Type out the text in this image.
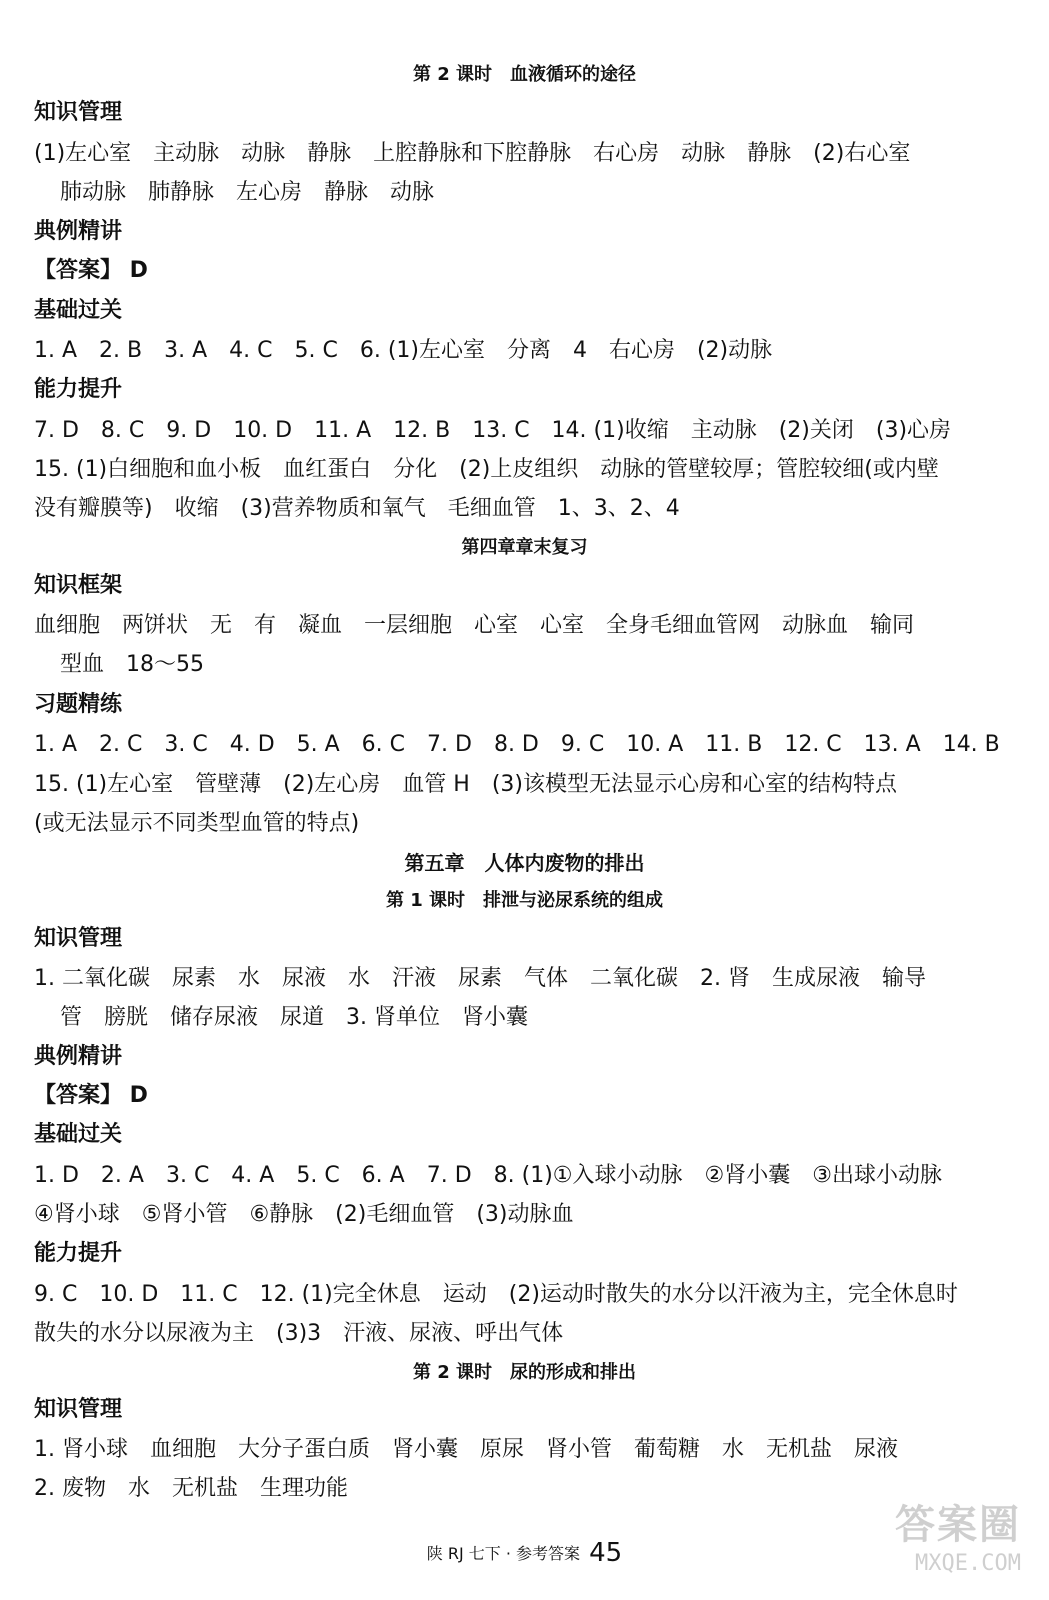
第 2 课时　血液循环的途径
知识管理
(1)左心室　主动脉　动脉　静脉　上腔静脉和下腔静脉　右心房　动脉　静脉　(2)右心室
肺动脉　肺静脉　左心房　静脉　动脉
典例精讲
【答案】 D
基础过关
1. A　2. B　3. A　4. C　5. C　6. (1)左心室　分离　4　右心房　(2)动脉
能力提升
7. D　8. C　9. D　10. D　11. A　12. B　13. C　14. (1)收缩　主动脉　(2)关闭　(3)心房
15. (1)白细胞和血小板　血红蛋白　分化　(2)上皮组织　动脉的管壁较厚；管腔较细(或内壁
没有瓣膜等)　收缩　(3)营养物质和氧气　毛细血管　1、3、2、4
第四章章末复习
知识框架
血细胞　两饼状　无　有　凝血　一层细胞　心室　心室　全身毛细血管网　动脉血　输同
型血　18～55
习题精练
1. A　2. C　3. C　4. D　5. A　6. C　7. D　8. D　9. C　10. A　11. B　12. C　13. A　14. B
15. (1)左心室　管壁薄　(2)左心房　血管 H　(3)该模型无法显示心房和心室的结构特点
(或无法显示不同类型血管的特点)
第五章　人体内废物的排出
第 1 课时　排泄与泌尿系统的组成
知识管理
1. 二氧化碳　尿素　水　尿液　水　汗液　尿素　气体　二氧化碳　2. 肾　生成尿液　输导
管　膀胱　储存尿液　尿道　3. 肾单位　肾小囊
典例精讲
【答案】 D
基础过关
1. D　2. A　3. C　4. A　5. C　6. A　7. D　8. (1)①入球小动脉　②肾小囊　③出球小动脉
④肾小球　⑤肾小管　⑥静脉　(2)毛细血管　(3)动脉血
能力提升
9. C　10. D　11. C　12. (1)完全休息　运动　(2)运动时散失的水分以汗液为主，完全休息时
散失的水分以尿液为主　(3)3　汗液、尿液、呼出气体
第 2 课时　尿的形成和排出
知识管理
1. 肾小球　血细胞　大分子蛋白质　肾小囊　原尿　肾小管　葡萄糖　水　无机盐　尿液
2. 废物　水　无机盐　生理功能
陕 RJ 七下 · 参考答案 45
答案圈
MXQE.COM
